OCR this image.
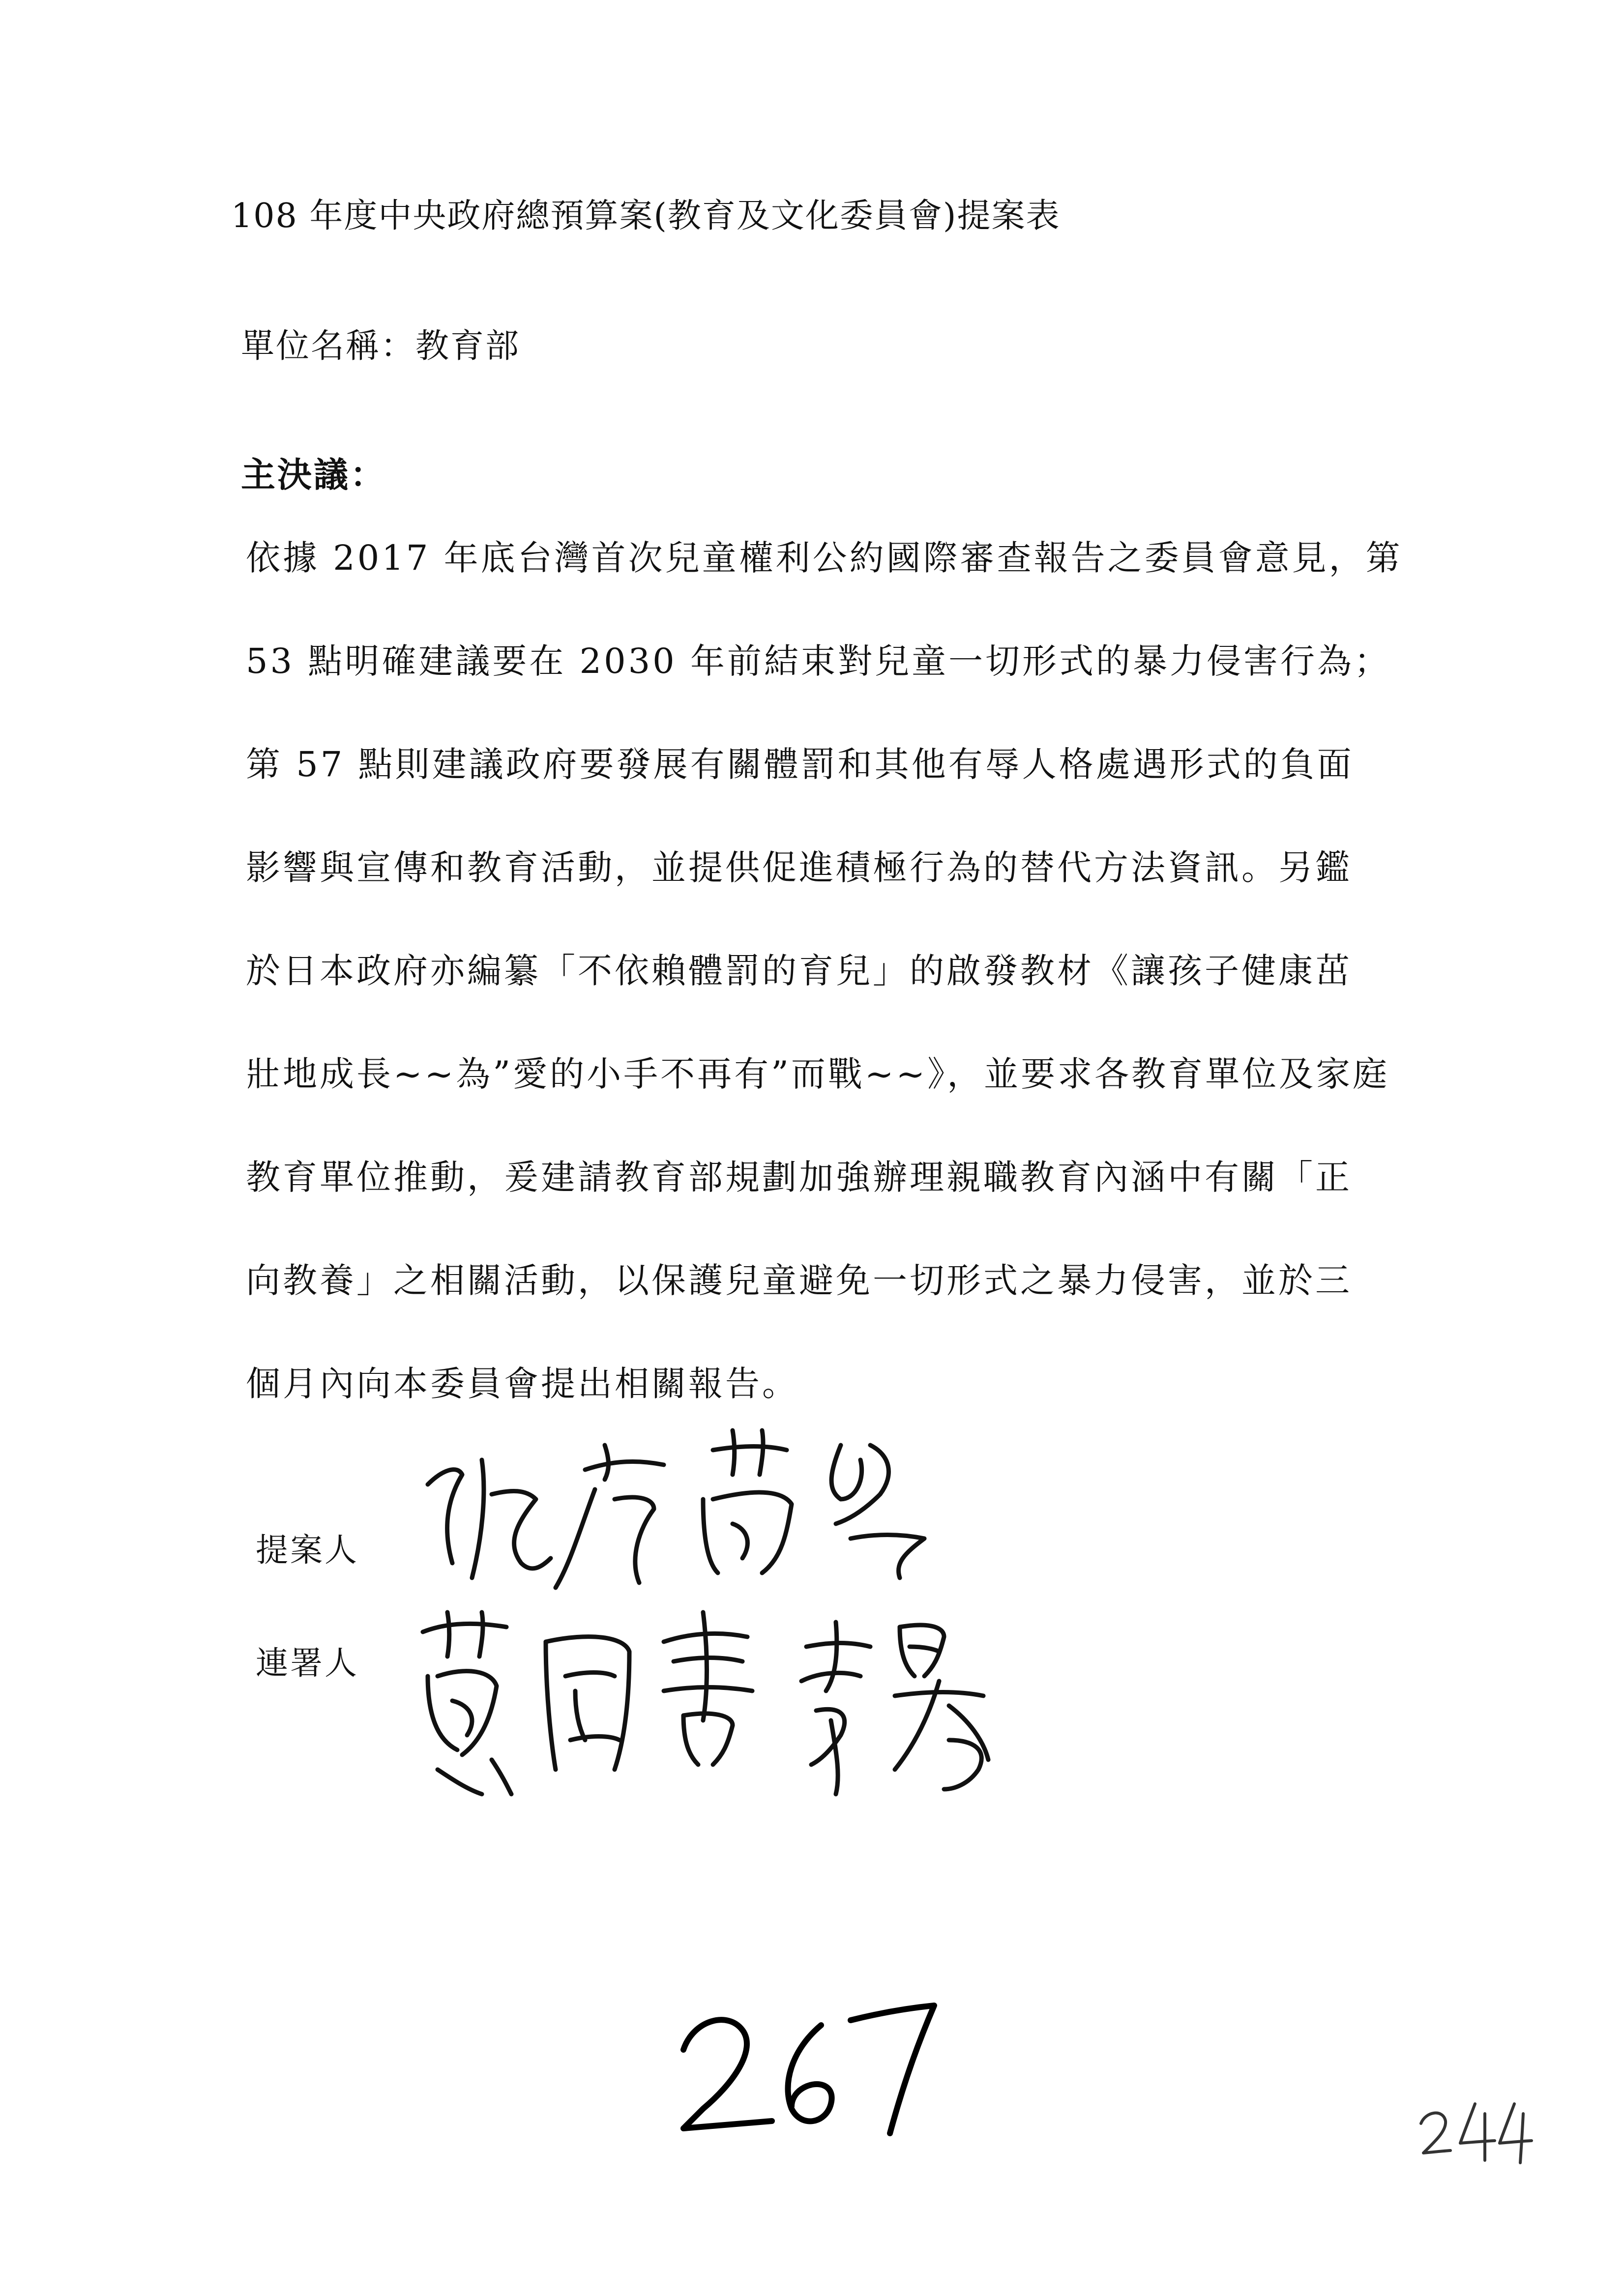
108 年度中央政府總預算案(教育及文化委員會)提案表
單位名稱：教育部
主決議：
依據 2017 年底台灣首次兒童權利公約國際審查報告之委員會意見，第
53 點明確建議要在 2030 年前結束對兒童一切形式的暴力侵害行為；
第 57 點則建議政府要發展有關體罰和其他有辱人格處遇形式的負面
影響與宣傳和教育活動，並提供促進積極行為的替代方法資訊。另鑑
於日本政府亦編纂「不依賴體罰的育兒」的啟發教材《讓孩子健康茁
壯地成長~~為”愛的小手不再有”而戰~~》，並要求各教育單位及家庭
教育單位推動，爰建請教育部規劃加強辦理親職教育內涵中有關「正
向教養」之相關活動，以保護兒童避免一切形式之暴力侵害，並於三
個月內向本委員會提出相關報告。
提案人
連署人
